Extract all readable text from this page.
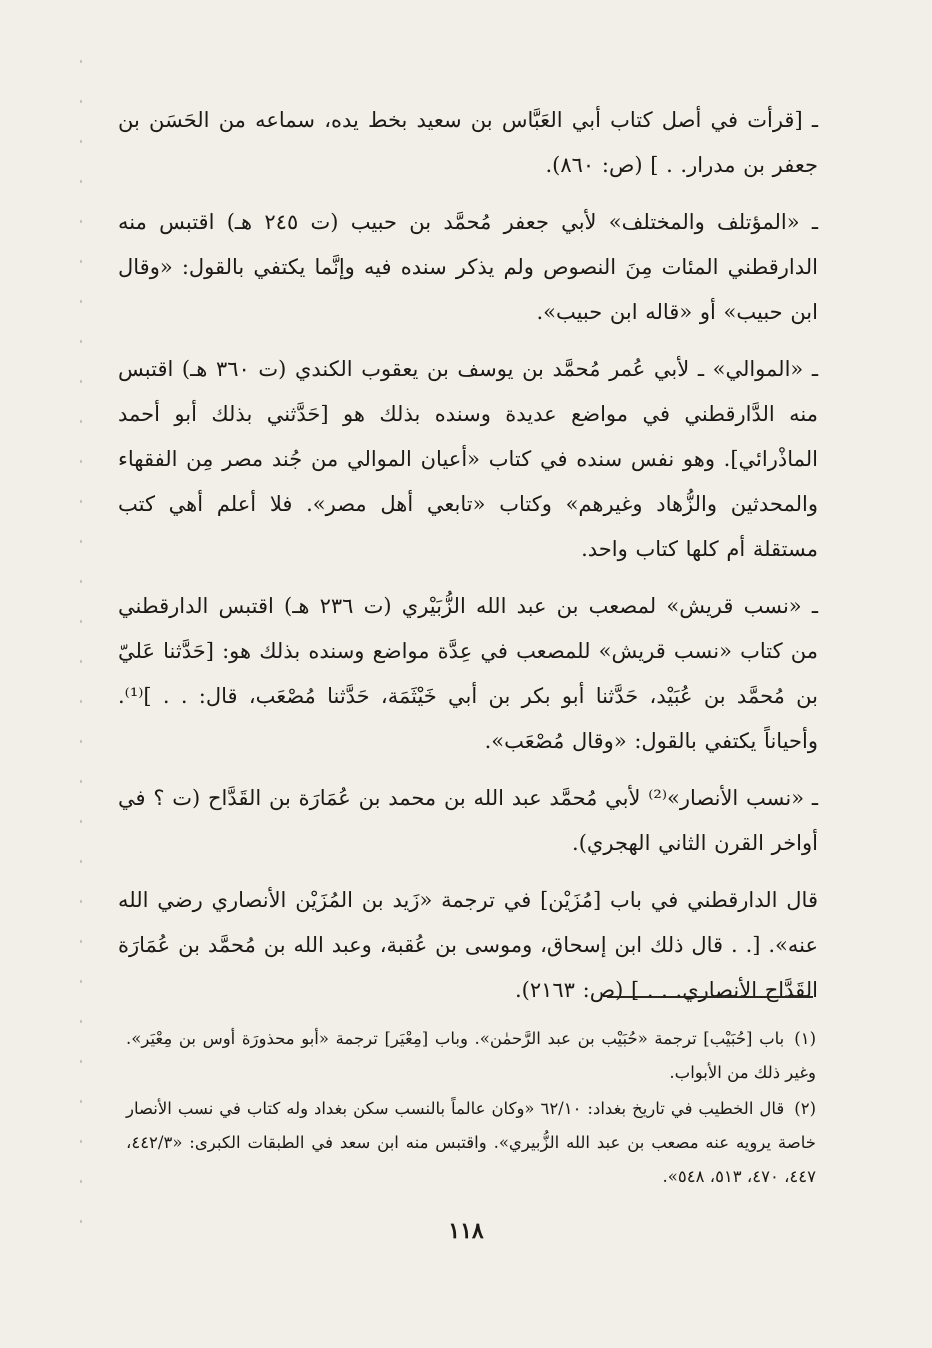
ـ [قرأت في أصل كتاب أبي العَبَّاس بن سعيد بخط يده، سماعه من الحَسَن بن جعفر بن مدرار. . ] (ص: ٨٦٠).

ـ «المؤتلف والمختلف» لأبي جعفر مُحمَّد بن حبيب (ت ٢٤٥ هـ) اقتبس منه الدارقطني المئات مِنَ النصوص ولم يذكر سنده فيه وإنَّما يكتفي بالقول: «وقال ابن حبيب» أو «قاله ابن حبيب».

ـ «الموالي» ـ لأبي عُمر مُحمَّد بن يوسف بن يعقوب الكندي (ت ٣٦٠ هـ) اقتبس منه الدَّارقطني في مواضع عديدة وسنده بذلك هو [حَدَّثني بذلك أبو أحمد الماذْرائي]. وهو نفس سنده في كتاب «أعيان الموالي من جُند مصر مِن الفقهاء والمحدثين والزُّهاد وغيرهم» وكتاب «تابعي أهل مصر». فلا أعلم أهي كتب مستقلة أم كلها كتاب واحد.

ـ «نسب قريش» لمصعب بن عبد الله الزُّبَيْري (ت ٢٣٦ هـ) اقتبس الدارقطني من كتاب «نسب قريش» للمصعب في عِدَّة مواضع وسنده بذلك هو: [حَدَّثنا عَليّ بن مُحمَّد بن عُبَيْد، حَدَّثنا أبو بكر بن أبي خَيْثَمَة، حَدَّثنا مُصْعَب، قال: . . ]⁽¹⁾. وأحياناً يكتفي بالقول: «وقال مُصْعَب».

ـ «نسب الأنصار»⁽²⁾ لأبي مُحمَّد عبد الله بن محمد بن عُمَارَة بن القَدَّاح (ت ؟ في أواخر القرن الثاني الهجري).

قال الدارقطني في باب [مُزَيْن] في ترجمة «زَيد بن المُزَيْن الأنصاري رضي الله عنه». [. . قال ذلك ابن إسحاق، وموسى بن عُقبة، وعبد الله بن مُحمَّد بن عُمَارَة القَدَّاح الأنصاري. . . ] (ص: ٢١٦٣).

(١)باب [حُبَيْب] ترجمة «حُبَيْب بن عبد الرَّحمٰن». وباب [مِعْيَر] ترجمة «أبو محذورَة أوس بن مِعْيَر». وغير ذلك من الأبواب.

(٢)قال الخطيب في تاريخ بغداد: ٦٢/١٠ «وكان عالماً بالنسب سكن بغداد وله كتاب في نسب الأنصار خاصة يرويه عنه مصعب بن عبد الله الزُّبيري». واقتبس منه ابن سعد في الطبقات الكبرى: «٤٤٢/٣، ٤٤٧، ٤٧٠، ٥١٣، ٥٤٨».

١١٨
